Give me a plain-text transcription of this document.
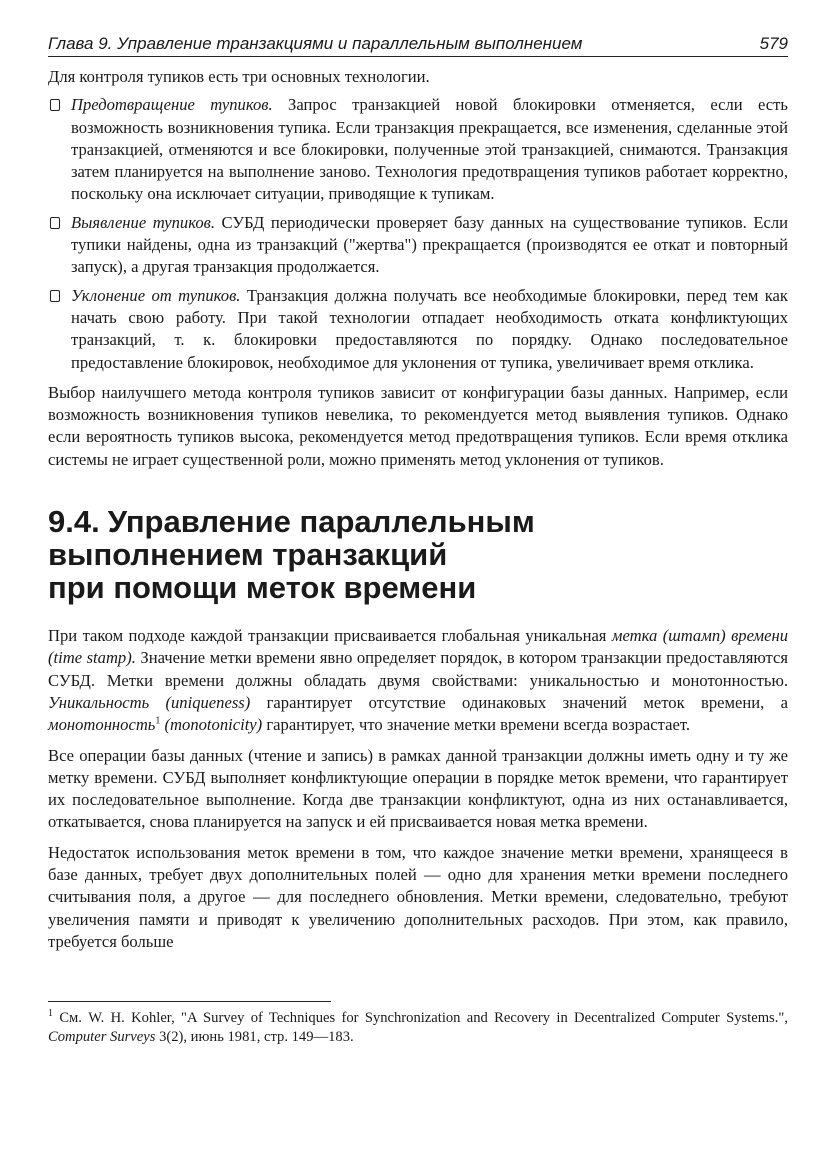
Глава 9. Управление транзакциями и параллельным выполнением	579

Для контроля тупиков есть три основных технологии.

Предотвращение тупиков. Запрос транзакцией новой блокировки отменяется, если есть возможность возникновения тупика. Если транзакция прекращается, все изменения, сделанные этой транзакцией, отменяются и все блокировки, полученные этой транзакцией, снимаются. Транзакция затем планируется на выполнение заново. Технология предотвращения тупиков работает корректно, поскольку она исключает ситуации, приводящие к тупикам.
Выявление тупиков. СУБД периодически проверяет базу данных на существование тупиков. Если тупики найдены, одна из транзакций ("жертва") прекращается (производятся ее откат и повторный запуск), а другая транзакция продолжается.
Уклонение от тупиков. Транзакция должна получать все необходимые блокировки, перед тем как начать свою работу. При такой технологии отпадает необходимость отката конфликтующих транзакций, т. к. блокировки предоставляются по порядку. Однако последовательное предоставление блокировок, необходимое для уклонения от тупика, увеличивает время отклика.

Выбор наилучшего метода контроля тупиков зависит от конфигурации базы данных. Например, если возможность возникновения тупиков невелика, то рекомендуется метод выявления тупиков. Однако если вероятность тупиков высока, рекомендуется метод предотвращения тупиков. Если время отклика системы не играет существенной роли, можно применять метод уклонения от тупиков.

9.4. Управление параллельным
выполнением транзакций
при помощи меток времени

При таком подходе каждой транзакции присваивается глобальная уникальная метка (штамп) времени (time stamp). Значение метки времени явно определяет порядок, в котором транзакции предоставляются СУБД. Метки времени должны обладать двумя свойствами: уникальностью и монотонностью. Уникальность (uniqueness) гарантирует отсутствие одинаковых значений меток времени, а монотонность$^1$ (monotonicity) гарантирует, что значение метки времени всегда возрастает.

Все операции базы данных (чтение и запись) в рамках данной транзакции должны иметь одну и ту же метку времени. СУБД выполняет конфликтующие операции в порядке меток времени, что гарантирует их последовательное выполнение. Когда две транзакции конфликтуют, одна из них останавливается, откатывается, снова планируется на запуск и ей присваивается новая метка времени.

Недостаток использования меток времени в том, что каждое значение метки времени, хранящееся в базе данных, требует двух дополнительных полей — одно для хранения метки времени последнего считывания поля, а другое — для последнего обновления. Метки времени, следовательно, требуют увеличения памяти и приводят к увеличению дополнительных расходов. При этом, как правило, требуется больше

$^1$ См. W. H. Kohler, "A Survey of Techniques for Synchronization and Recovery in Decentralized Computer Systems.", Computer Surveys 3(2), июнь 1981, стр. 149—183.
